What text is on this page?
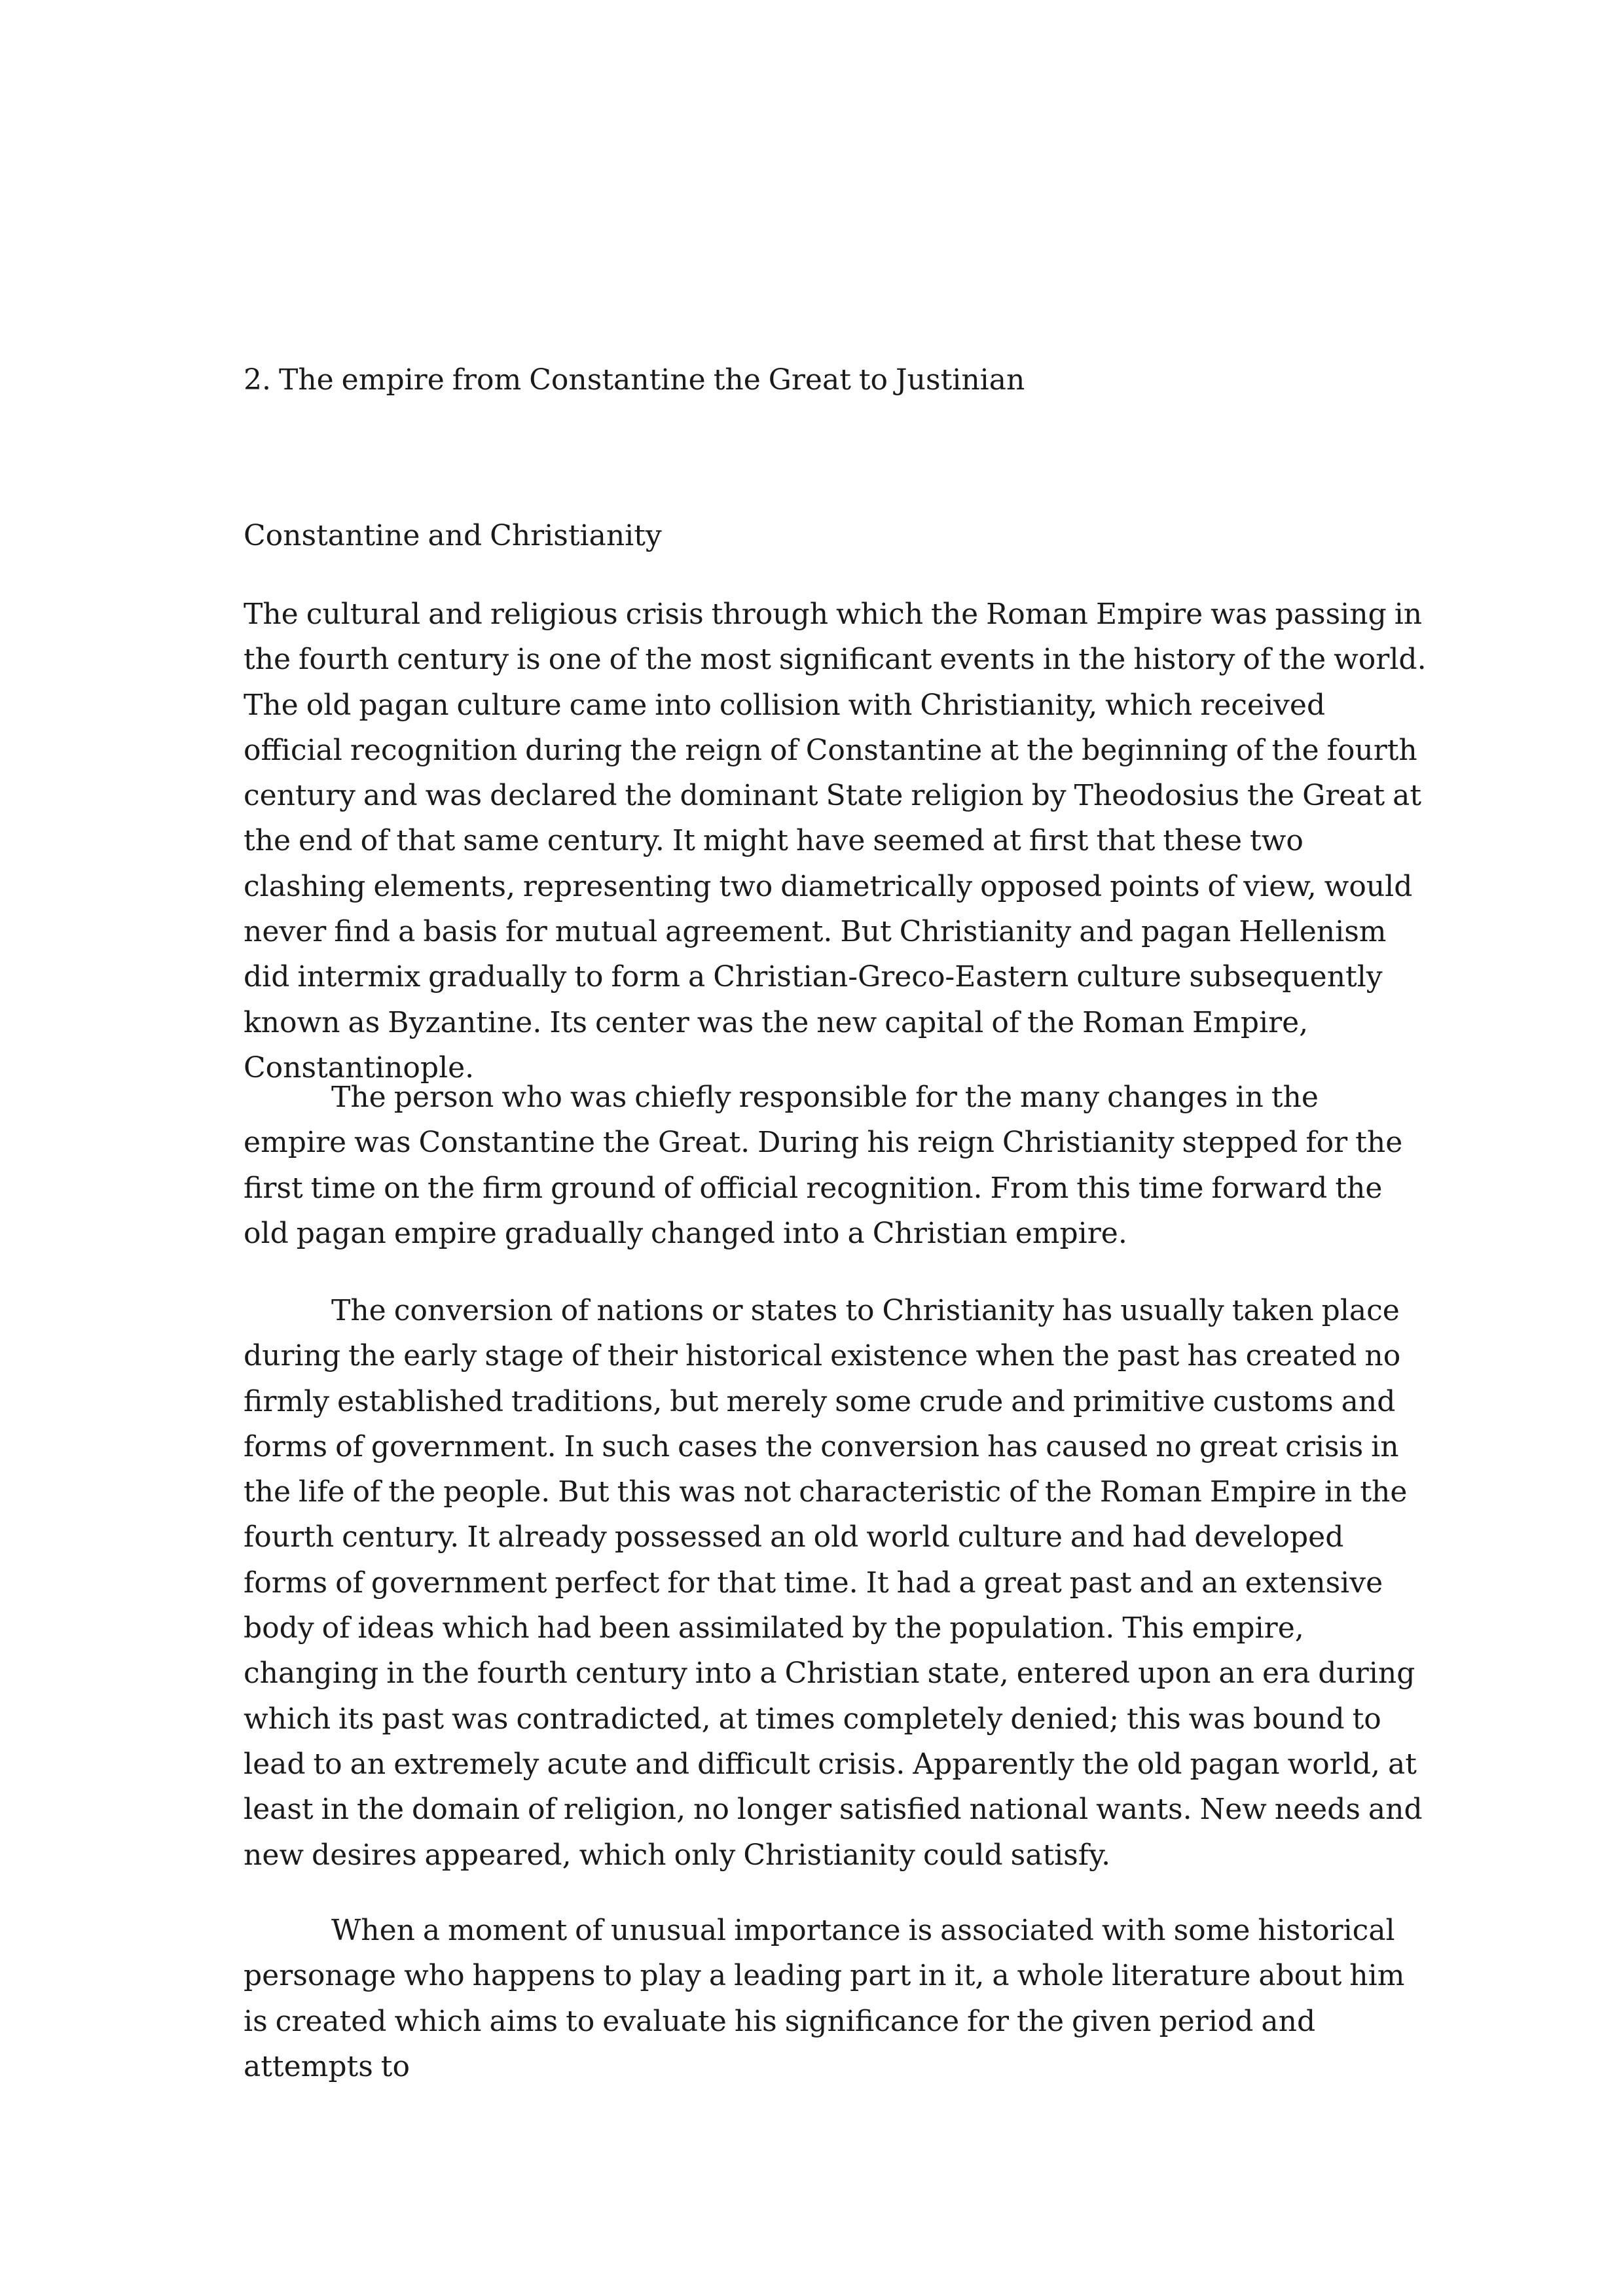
2. The empire from Constantine the Great to Justinian
Constantine and Christianity

The cultural and religious crisis through which the Roman Empire was passing in the fourth century is one of the most significant events in the history of the world. The old pagan culture came into collision with Christianity, which received official recognition during the reign of Constantine at the beginning of the fourth century and was declared the dominant State religion by Theodosius the Great at the end of that same century. It might have seemed at first that these two clashing elements, representing two diametrically opposed points of view, would never find a basis for mutual agreement. But Christianity and pagan Hellenism did intermix gradually to form a Christian-Greco-Eastern culture subsequently known as Byzantine. Its center was the new capital of the Roman Empire, Constantinople.

The person who was chiefly responsible for the many changes in the empire was Constantine the Great. During his reign Christianity stepped for the first time on the firm ground of official recognition. From this time forward the old pagan empire gradually changed into a Christian empire.

The conversion of nations or states to Christianity has usually taken place during the early stage of their historical existence when the past has created no firmly established traditions, but merely some crude and primitive customs and forms of government. In such cases the conversion has caused no great crisis in the life of the people. But this was not characteristic of the Roman Empire in the fourth century. It already possessed an old world culture and had developed forms of government perfect for that time. It had a great past and an extensive body of ideas which had been assimilated by the population. This empire, changing in the fourth century into a Christian state, entered upon an era during which its past was contradicted, at times completely denied; this was bound to lead to an extremely acute and difficult crisis. Apparently the old pagan world, at least in the domain of religion, no longer satisfied national wants. New needs and new desires appeared, which only Christianity could satisfy.

When a moment of unusual importance is associated with some historical personage who happens to play a leading part in it, a whole literature about him is created which aims to evaluate his significance for the given period and attempts to
